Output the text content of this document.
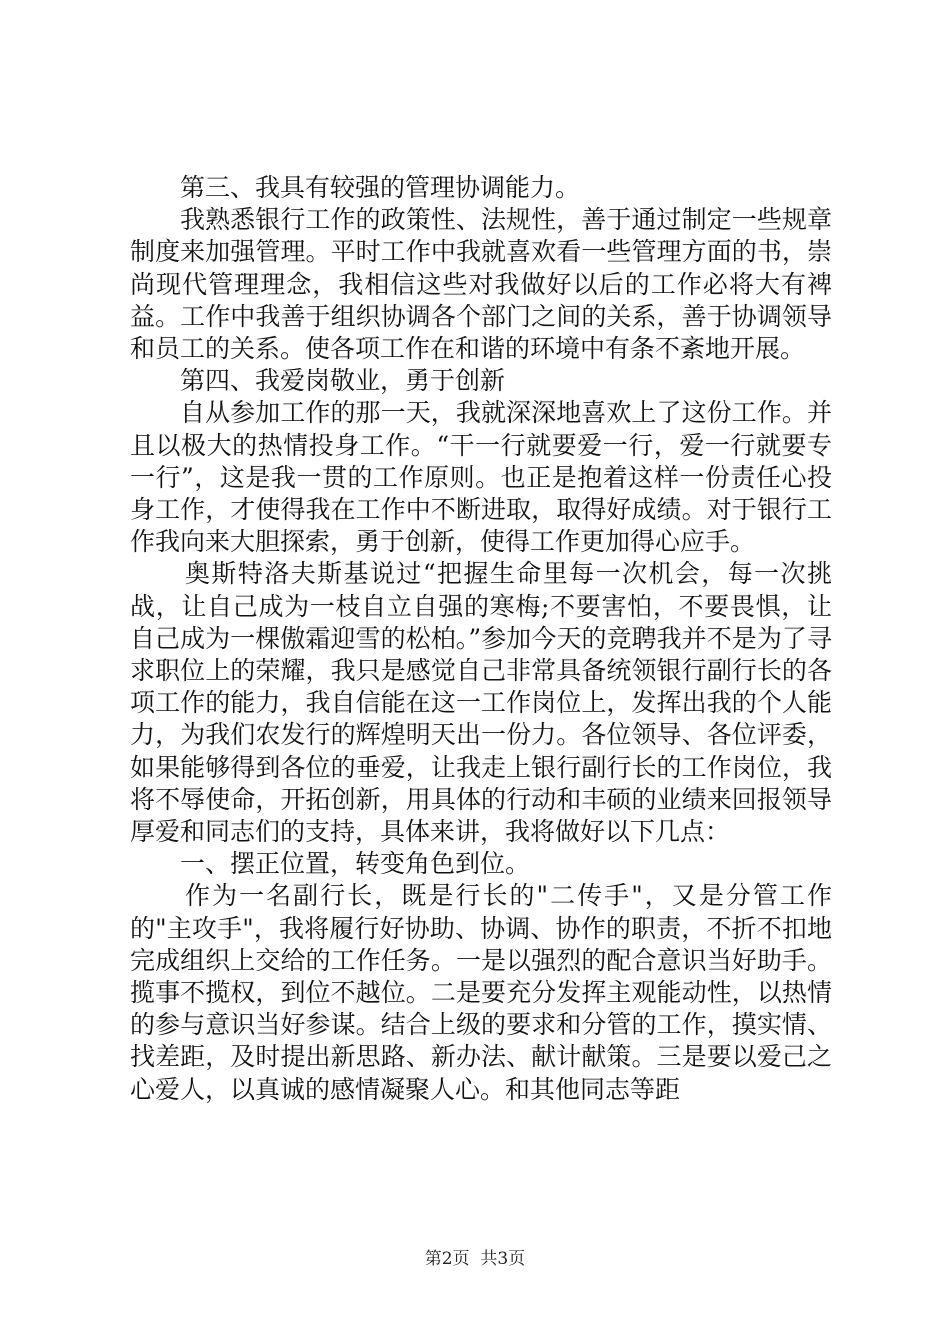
第三、我具有较强的管理协调能力。

我熟悉银行工作的政策性、法规性，善于通过制定一些规章制度来加强管理。平时工作中我就喜欢看一些管理方面的书，崇尚现代管理理念，我相信这些对我做好以后的工作必将大有裨益。工作中我善于组织协调各个部门之间的关系，善于协调领导和员工的关系。使各项工作在和谐的环境中有条不紊地开展。

第四、我爱岗敬业，勇于创新

自从参加工作的那一天，我就深深地喜欢上了这份工作。并且以极大的热情投身工作。“干一行就要爱一行，爱一行就要专一行”，这是我一贯的工作原则。也正是抱着这样一份责任心投身工作，才使得我在工作中不断进取，取得好成绩。对于银行工作我向来大胆探索，勇于创新，使得工作更加得心应手。

奥斯特洛夫斯基说过“把握生命里每一次机会，每一次挑战，让自己成为一枝自立自强的寒梅;不要害怕，不要畏惧，让自己成为一棵傲霜迎雪的松柏。”参加今天的竞聘我并不是为了寻求职位上的荣耀，我只是感觉自己非常具备统领银行副行长的各项工作的能力，我自信能在这一工作岗位上，发挥出我的个人能力，为我们农发行的辉煌明天出一份力。各位领导、各位评委，如果能够得到各位的垂爱，让我走上银行副行长的工作岗位，我将不辱使命，开拓创新，用具体的行动和丰硕的业绩来回报领导厚爱和同志们的支持，具体来讲，我将做好以下几点：

一、摆正位置，转变角色到位。

作为一名副行长，既是行长的"二传手"，又是分管工作的"主攻手"，我将履行好协助、协调、协作的职责，不折不扣地完成组织上交给的工作任务。一是以强烈的配合意识当好助手。揽事不揽权，到位不越位。二是要充分发挥主观能动性，以热情的参与意识当好参谋。结合上级的要求和分管的工作，摸实情、找差距，及时提出新思路、新办法、献计献策。三是要以爱己之心爱人，以真诚的感情凝聚人心。和其他同志等距

第2页  共3页
